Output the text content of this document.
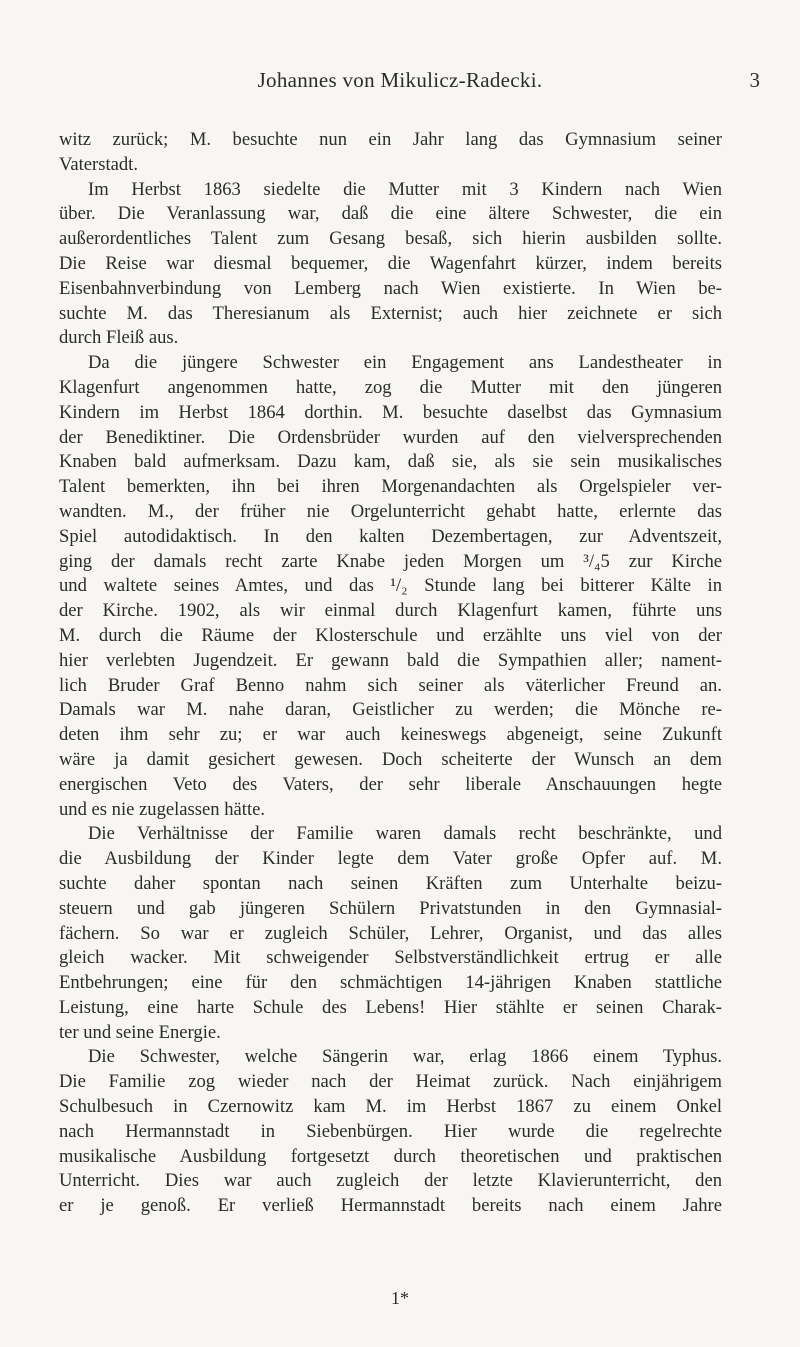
Johannes von Mikulicz-Radecki.	3
witz zurück; M. besuchte nun ein Jahr lang das Gymnasium seiner
Vaterstadt.
Im Herbst 1863 siedelte die Mutter mit 3 Kindern nach Wien
über. Die Veranlassung war, daß die eine ältere Schwester, die ein
außerordentliches Talent zum Gesang besaß, sich hierin ausbilden sollte.
Die Reise war diesmal bequemer, die Wagenfahrt kürzer, indem bereits
Eisenbahnverbindung von Lemberg nach Wien existierte. In Wien be-
suchte M. das Theresianum als Externist; auch hier zeichnete er sich
durch Fleiß aus.
Da die jüngere Schwester ein Engagement ans Landestheater in
Klagenfurt angenommen hatte, zog die Mutter mit den jüngeren
Kindern im Herbst 1864 dorthin. M. besuchte daselbst das Gymnasium
der Benediktiner. Die Ordensbrüder wurden auf den vielversprechenden
Knaben bald aufmerksam. Dazu kam, daß sie, als sie sein musikalisches
Talent bemerkten, ihn bei ihren Morgenandachten als Orgelspieler ver-
wandten. M., der früher nie Orgelunterricht gehabt hatte, erlernte das
Spiel autodidaktisch. In den kalten Dezembertagen, zur Adventszeit,
ging der damals recht zarte Knabe jeden Morgen um ³/₄5 zur Kirche
und waltete seines Amtes, und das ¹/₂ Stunde lang bei bitterer Kälte in
der Kirche. 1902, als wir einmal durch Klagenfurt kamen, führte uns
M. durch die Räume der Klosterschule und erzählte uns viel von der
hier verlebten Jugendzeit. Er gewann bald die Sympathien aller; nament-
lich Bruder Graf Benno nahm sich seiner als väterlicher Freund an.
Damals war M. nahe daran, Geistlicher zu werden; die Mönche re-
deten ihm sehr zu; er war auch keineswegs abgeneigt, seine Zukunft
wäre ja damit gesichert gewesen. Doch scheiterte der Wunsch an dem
energischen Veto des Vaters, der sehr liberale Anschauungen hegte
und es nie zugelassen hätte.
Die Verhältnisse der Familie waren damals recht beschränkte, und
die Ausbildung der Kinder legte dem Vater große Opfer auf. M.
suchte daher spontan nach seinen Kräften zum Unterhalte beizu-
steuern und gab jüngeren Schülern Privatstunden in den Gymnasial-
fächern. So war er zugleich Schüler, Lehrer, Organist, und das alles
gleich wacker. Mit schweigender Selbstverständlichkeit ertrug er alle
Entbehrungen; eine für den schmächtigen 14-jährigen Knaben stattliche
Leistung, eine harte Schule des Lebens! Hier stählte er seinen Charak-
ter und seine Energie.
Die Schwester, welche Sängerin war, erlag 1866 einem Typhus.
Die Familie zog wieder nach der Heimat zurück. Nach einjährigem
Schulbesuch in Czernowitz kam M. im Herbst 1867 zu einem Onkel
nach Hermannstadt in Siebenbürgen. Hier wurde die regelrechte
musikalische Ausbildung fortgesetzt durch theoretischen und praktischen
Unterricht. Dies war auch zugleich der letzte Klavierunterricht, den
er je genoß. Er verließ Hermannstadt bereits nach einem Jahre
1*
